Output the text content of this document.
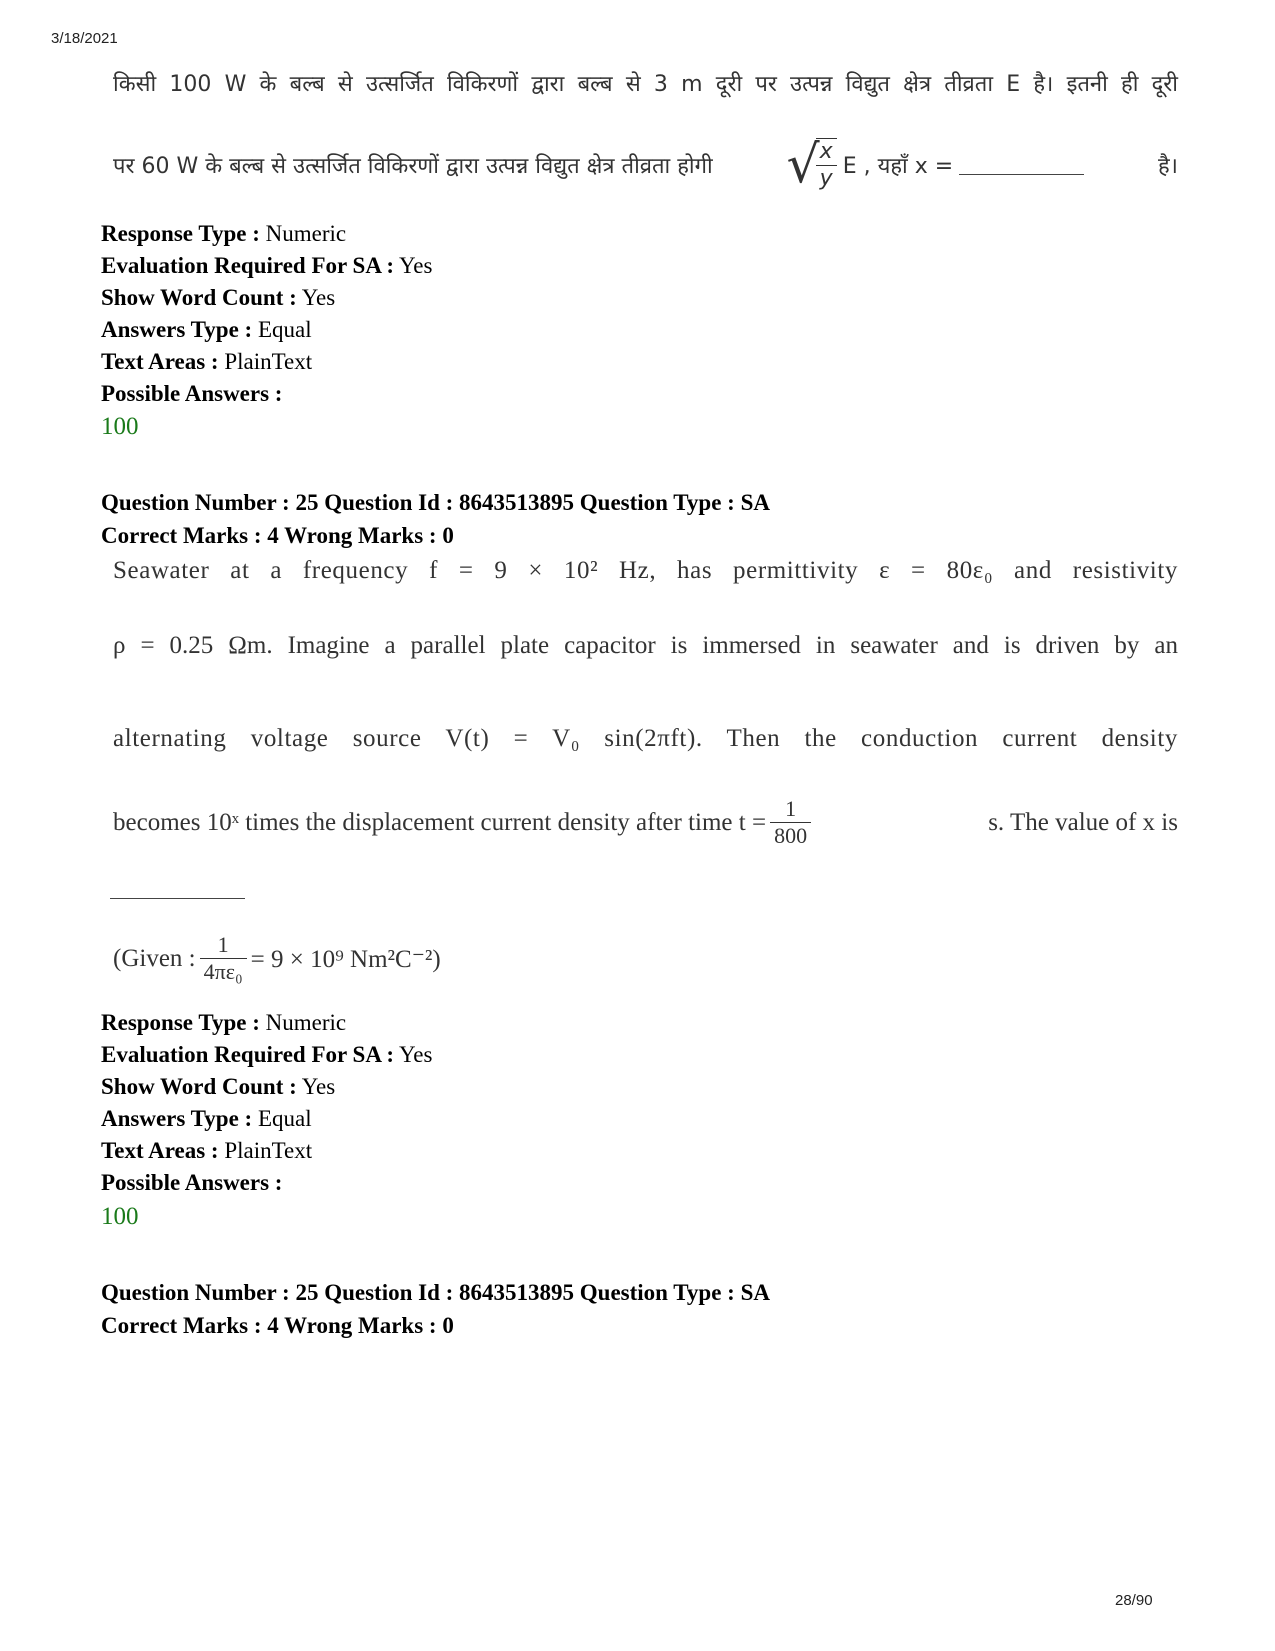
3/18/2021
28/90
किसी 100 W के बल्ब से उत्सर्जित विकिरणों द्वारा बल्ब से 3 m दूरी पर उत्पन्न विद्युत क्षेत्र तीव्रता E है। इतनी ही दूरी
पर 60 W के बल्ब से उत्सर्जित विकिरणों द्वारा उत्पन्न विद्युत क्षेत्र तीव्रता होगी √
$\frac{x}{y}$ E , यहाँ x =	है।
Response Type : Numeric
Evaluation Required For SA : Yes
Show Word Count : Yes
Answers Type : Equal
Text Areas : PlainText
Possible Answers :
100
Question Number : 25 Question Id : 8643513895 Question Type : SA
Correct Marks : 4 Wrong Marks : 0
Seawater at a frequency f = 9 × 10² Hz, has permittivity ε = 80ε₀ and resistivity
ρ = 0.25 Ωm. Imagine a parallel plate capacitor is immersed in seawater and is driven by an
alternating voltage source V(t) = V₀ sin(2πft). Then the conduction current density
becomes 10ˣ times the displacement current density after time $t = \frac{1}{800}$	s. The value of x is
(Given : $\frac{1}{\text{4πε₀}} = 9 \times 10^9$ Nm²C⁻²)
Response Type : Numeric
Evaluation Required For SA : Yes
Show Word Count : Yes
Answers Type : Equal
Text Areas : PlainText
Possible Answers :
100
Question Number : 25 Question Id : 8643513895 Question Type : SA
Correct Marks : 4 Wrong Marks : 0
